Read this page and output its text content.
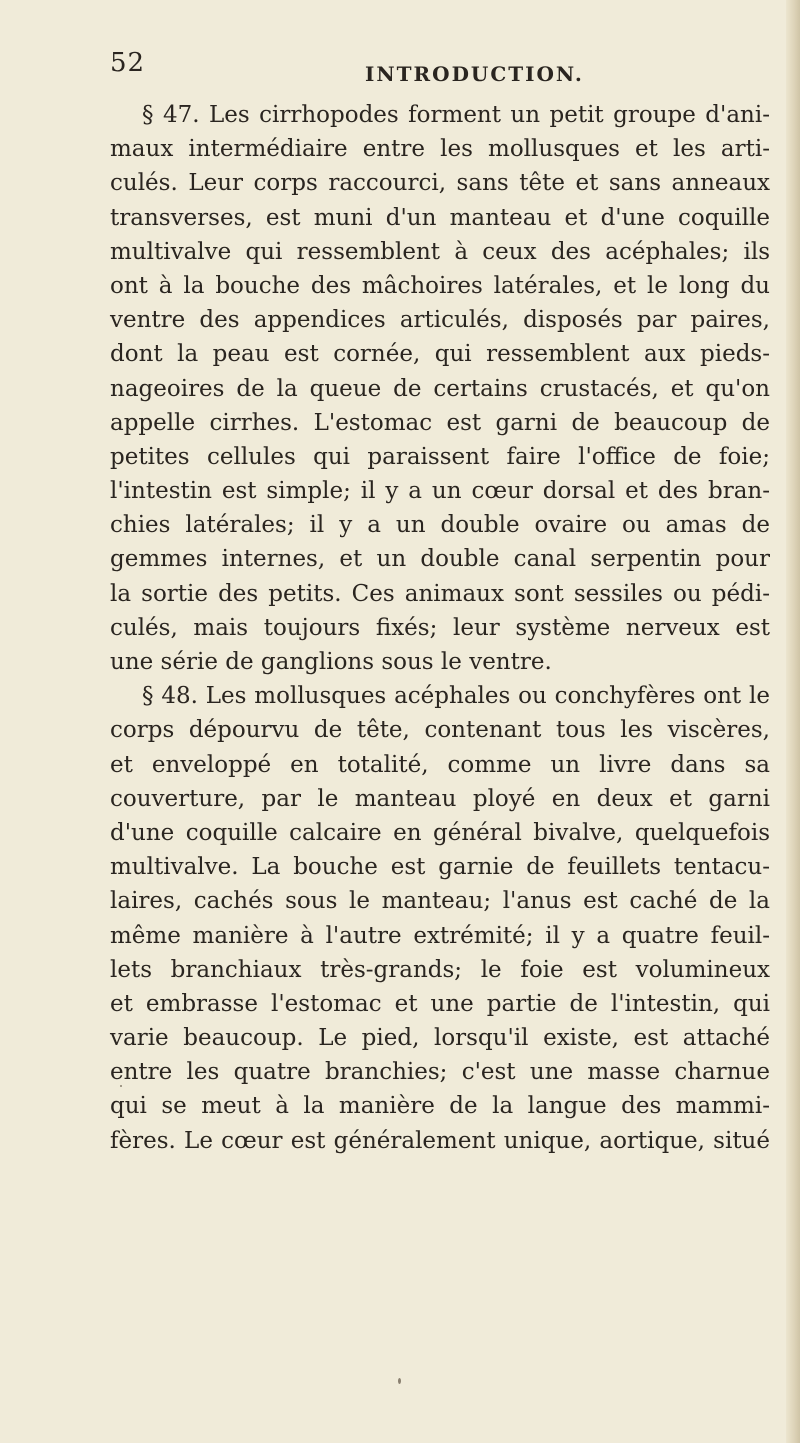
52	INTRODUCTION.
§ 47. Les cirrhopodes forment un petit groupe d'ani-
maux intermédiaire entre les mollusques et les arti-
culés. Leur corps raccourci, sans tête et sans anneaux
transverses, est muni d'un manteau et d'une coquille
multivalve qui ressemblent à ceux des acéphales; ils
ont à la bouche des mâchoires latérales, et le long du
ventre des appendices articulés, disposés par paires,
dont la peau est cornée, qui ressemblent aux pieds-
nageoires de la queue de certains crustacés, et qu'on
appelle cirrhes. L'estomac est garni de beaucoup de
petites cellules qui paraissent faire l'office de foie;
l'intestin est simple; il y a un cœur dorsal et des bran-
chies latérales; il y a un double ovaire ou amas de
gemmes internes, et un double canal serpentin pour
la sortie des petits. Ces animaux sont sessiles ou pédi-
culés, mais toujours fixés; leur système nerveux est
une série de ganglions sous le ventre.
§ 48. Les mollusques acéphales ou conchyfères ont le
corps dépourvu de tête, contenant tous les viscères,
et enveloppé en totalité, comme un livre dans sa
couverture, par le manteau ployé en deux et garni
d'une coquille calcaire en général bivalve, quelquefois
multivalve. La bouche est garnie de feuillets tentacu-
laires, cachés sous le manteau; l'anus est caché de la
même manière à l'autre extrémité; il y a quatre feuil-
lets branchiaux très-grands; le foie est volumineux
et embrasse l'estomac et une partie de l'intestin, qui
varie beaucoup. Le pied, lorsqu'il existe, est attaché
entre les quatre branchies; c'est une masse charnue
qui se meut à la manière de la langue des mammi-
fères. Le cœur est généralement unique, aortique, situé
